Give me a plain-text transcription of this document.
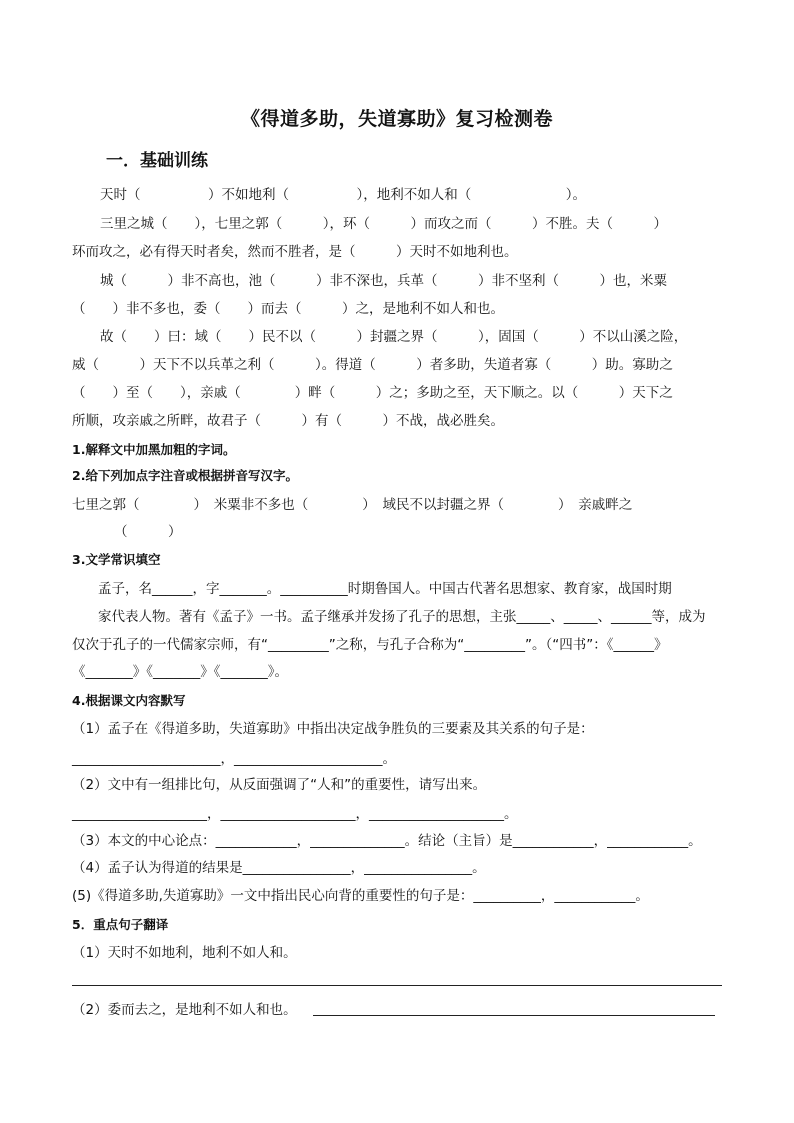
《得道多助，失道寡助》复习检测卷
一．基础训练
天时（　　　　　）不如地利（　　　　　），地利不如人和（　　　　　　　）。
三里之城（　　），七里之郭（　　　），环（　　　）而攻之而（　　　）不胜。夫（　　　）
环而攻之，必有得天时者矣，然而不胜者，是（　　　）天时不如地利也。
城（　　　）非不高也，池（　　　）非不深也，兵革（　　　）非不坚利（　　　）也，米粟
（　　）非不多也，委（　　）而去（　　　）之，是地利不如人和也。
故（　　）曰：域（　　）民不以（　　　）封疆之界（　　　），固国（　　　）不以山溪之险，
威（　　　）天下不以兵革之利（　　　）。得道（　　　）者多助，失道者寡（　　　）助。寡助之
（　　）至（　　），亲戚（　　　　）畔（　　　）之；多助之至，天下顺之。以（　　　）天下之
所顺，攻亲戚之所畔，故君子（　　　）有（　　　）不战，战必胜矣。
1.解释文中加黑加粗的字词。
2.给下列加点字注音或根据拼音写汉字。
七里之郭（　　　　）　米粟非不多也（　　　　）　域民不以封疆之界（　　　　）　亲戚畔之
（　　　）
3.文学常识填空
孟子，名______，字_______。__________时期鲁国人。中国古代著名思想家、教育家，战国时期
家代表人物。著有《孟子》一书。孟子继承并发扬了孔子的思想，主张_____、_____、______等，成为
仅次于孔子的一代儒家宗师，有“_________”之称，与孔子合称为“_________”。（“四书”：《______》
《_______》《_______》《_______》。
4.根据课文内容默写
（1）孟子在《得道多助，失道寡助》中指出决定战争胜负的三要素及其关系的句子是：
______________________，______________________。
（2）文中有一组排比句，从反面强调了“人和”的重要性，请写出来。
____________________，____________________，____________________。
（3）本文的中心论点：____________，______________。结论（主旨）是____________，____________。
（4）孟子认为得道的结果是________________，________________。
(5)《得道多助,失道寡助》一文中指出民心向背的重要性的句子是：__________，____________。
5．重点句子翻译
（1）天时不如地利，地利不如人和。
（2）委而去之，是地利不如人和也。
